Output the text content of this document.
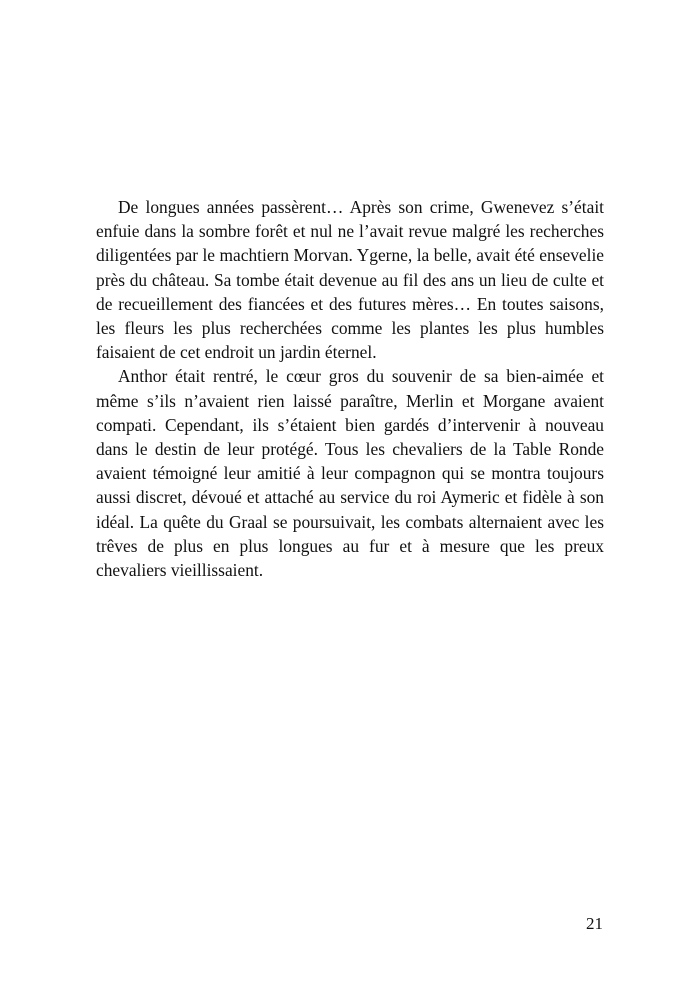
De longues années passèrent… Après son crime, Gwenevez s’était enfuie dans la sombre forêt et nul ne l’avait revue malgré les recherches diligentées par le machtiern Morvan. Ygerne, la belle, avait été ensevelie près du château. Sa tombe était devenue au fil des ans un lieu de culte et de recueillement des fiancées et des futures mères… En toutes saisons, les fleurs les plus recherchées comme les plantes les plus humbles faisaient de cet endroit un jardin éternel.

Anthor était rentré, le cœur gros du souvenir de sa bien-aimée et même s’ils n’avaient rien laissé paraître, Merlin et Morgane avaient compati. Cependant, ils s’étaient bien gardés d’intervenir à nouveau dans le destin de leur protégé. Tous les chevaliers de la Table Ronde avaient témoigné leur amitié à leur compagnon qui se montra toujours aussi discret, dévoué et attaché au service du roi Aymeric et fidèle à son idéal. La quête du Graal se poursuivait, les combats alternaient avec les trêves de plus en plus longues au fur et à mesure que les preux chevaliers vieillissaient.

21
